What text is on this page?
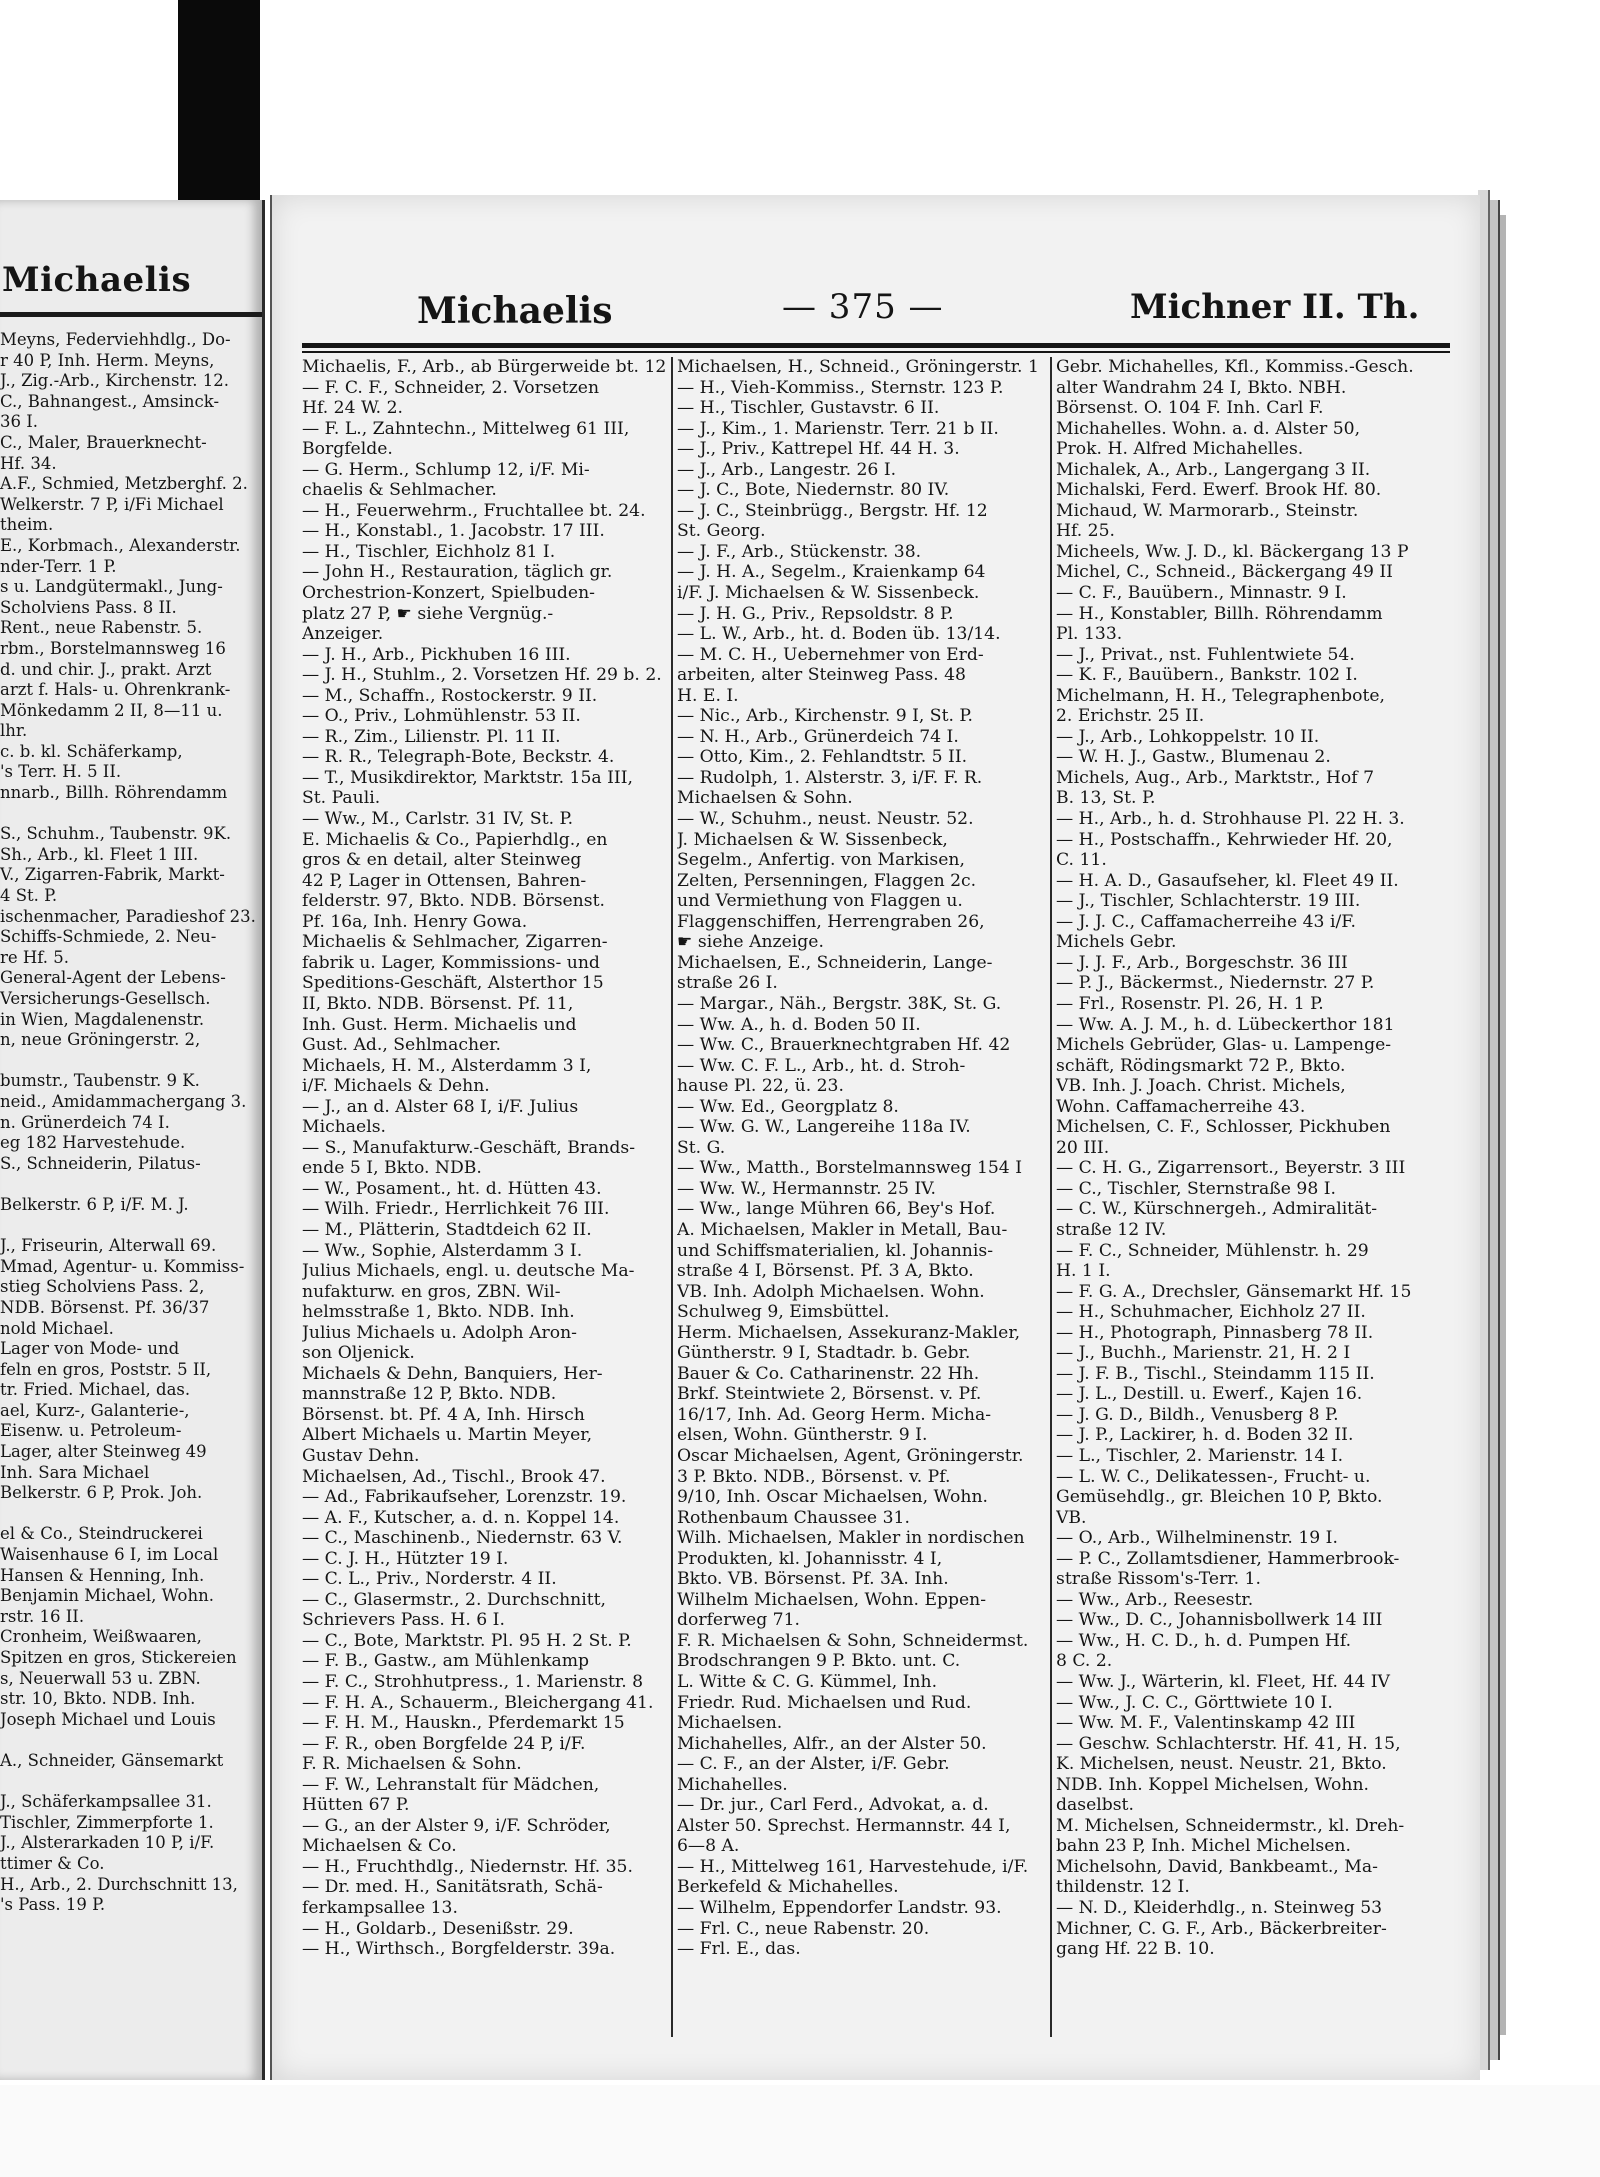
Michaelis
Meyns, Federviehhdlg., Do-
r 40 P, Inh. Herm. Meyns,
J., Zig.-Arb., Kirchenstr. 12.
C., Bahnangest., Amsinck-
36 I.
C., Maler, Brauerknecht-
Hf. 34.
A.F., Schmied, Metzberghf. 2.
Welkerstr. 7 P, i/Fi Michael
theim.
E., Korbmach., Alexanderstr.
nder-Terr. 1 P.
s u. Landgütermakl., Jung-
Scholviens Pass. 8 II.
Rent., neue Rabenstr. 5.
rbm., Borstelmannsweg 16
d. und chir. J., prakt. Arzt
arzt f. Hals- u. Ohrenkrank-
Mönkedamm 2 II, 8—11 u.
lhr.
c. b. kl. Schäferkamp,
's Terr. H. 5 II.
nnarb., Billh. Röhrendamm
S., Schuhm., Taubenstr. 9K.
Sh., Arb., kl. Fleet 1 III.
V., Zigarren-Fabrik, Markt-
4 St. P.
ischenmacher, Paradieshof 23.
Schiffs-Schmiede, 2. Neu-
re Hf. 5.
General-Agent der Lebens-
Versicherungs-Gesellsch.
in Wien, Magdalenenstr.
n, neue Gröningerstr. 2,
bumstr., Taubenstr. 9 K.
neid., Amidammachergang 3.
n. Grünerdeich 74 I.
eg 182 Harvestehude.
S., Schneiderin, Pilatus-
Belkerstr. 6 P, i/F. M. J.
J., Friseurin, Alterwall 69.
Mmad, Agentur- u. Kommiss-
stieg Scholviens Pass. 2,
NDB. Börsenst. Pf. 36/37
nold Michael.
Lager von Mode- und
feln en gros, Poststr. 5 II,
tr. Fried. Michael, das.
ael, Kurz-, Galanterie-,
Eisenw. u. Petroleum-
Lager, alter Steinweg 49
Inh. Sara Michael
Belkerstr. 6 P, Prok. Joh.
el & Co., Steindruckerei
Waisenhause 6 I, im Local
Hansen & Henning, Inh.
Benjamin Michael, Wohn.
rstr. 16 II.
Cronheim, Weißwaaren,
Spitzen en gros, Stickereien
s, Neuerwall 53 u. ZBN.
str. 10, Bkto. NDB. Inh.
Joseph Michael und Louis
A., Schneider, Gänsemarkt
J., Schäferkampsallee 31.
Tischler, Zimmerpforte 1.
J., Alsterarkaden 10 P, i/F.
ttimer & Co.
H., Arb., 2. Durchschnitt 13,
's Pass. 19 P.
Michaelis	— 375 —	Michner II. Th.
Michaelis, F., Arb., ab Bürgerweide bt. 12
— F. C. F., Schneider, 2. Vorsetzen
Hf. 24 W. 2.
— F. L., Zahntechn., Mittelweg 61 III,
Borgfelde.
— G. Herm., Schlump 12, i/F. Mi-
chaelis & Sehlmacher.
— H., Feuerwehrm., Fruchtallee bt. 24.
— H., Konstabl., 1. Jacobstr. 17 III.
— H., Tischler, Eichholz 81 I.
— John H., Restauration, täglich gr.
Orchestrion-Konzert, Spielbuden-
platz 27 P, ☛ siehe Vergnüg.-
Anzeiger.
— J. H., Arb., Pickhuben 16 III.
— J. H., Stuhlm., 2. Vorsetzen Hf. 29 b. 2.
— M., Schaffn., Rostockerstr. 9 II.
— O., Priv., Lohmühlenstr. 53 II.
— R., Zim., Lilienstr. Pl. 11 II.
— R. R., Telegraph-Bote, Beckstr. 4.
— T., Musikdirektor, Marktstr. 15a III,
St. Pauli.
— Ww., M., Carlstr. 31 IV, St. P.
E. Michaelis & Co., Papierhdlg., en
gros & en detail, alter Steinweg
42 P, Lager in Ottensen, Bahren-
felderstr. 97, Bkto. NDB. Börsenst.
Pf. 16a, Inh. Henry Gowa.
Michaelis & Sehlmacher, Zigarren-
fabrik u. Lager, Kommissions- und
Speditions-Geschäft, Alsterthor 15
II, Bkto. NDB. Börsenst. Pf. 11,
Inh. Gust. Herm. Michaelis und
Gust. Ad., Sehlmacher.
Michaels, H. M., Alsterdamm 3 I,
i/F. Michaels & Dehn.
— J., an d. Alster 68 I, i/F. Julius
Michaels.
— S., Manufakturw.-Geschäft, Brands-
ende 5 I, Bkto. NDB.
— W., Posament., ht. d. Hütten 43.
— Wilh. Friedr., Herrlichkeit 76 III.
— M., Plätterin, Stadtdeich 62 II.
— Ww., Sophie, Alsterdamm 3 I.
Julius Michaels, engl. u. deutsche Ma-
nufakturw. en gros, ZBN. Wil-
helmsstraße 1, Bkto. NDB. Inh.
Julius Michaels u. Adolph Aron-
son Oljenick.
Michaels & Dehn, Banquiers, Her-
mannstraße 12 P, Bkto. NDB.
Börsenst. bt. Pf. 4 A, Inh. Hirsch
Albert Michaels u. Martin Meyer,
Gustav Dehn.
Michaelsen, Ad., Tischl., Brook 47.
— Ad., Fabrikaufseher, Lorenzstr. 19.
— A. F., Kutscher, a. d. n. Koppel 14.
— C., Maschinenb., Niedernstr. 63 V.
— C. J. H., Hützter 19 I.
— C. L., Priv., Norderstr. 4 II.
— C., Glasermstr., 2. Durchschnitt,
Schrievers Pass. H. 6 I.
— C., Bote, Marktstr. Pl. 95 H. 2 St. P.
— F. B., Gastw., am Mühlenkamp
— F. C., Strohhutpress., 1. Marienstr. 8
— F. H. A., Schauerm., Bleichergang 41.
— F. H. M., Hauskn., Pferdemarkt 15
— F. R., oben Borgfelde 24 P, i/F.
F. R. Michaelsen & Sohn.
— F. W., Lehranstalt für Mädchen,
Hütten 67 P.
— G., an der Alster 9, i/F. Schröder,
Michaelsen & Co.
— H., Fruchthdlg., Niedernstr. Hf. 35.
— Dr. med. H., Sanitätsrath, Schä-
ferkampsallee 13.
— H., Goldarb., Desenißstr. 29.
— H., Wirthsch., Borgfelderstr. 39a.
Michaelsen, H., Schneid., Gröningerstr. 1
— H., Vieh-Kommiss., Sternstr. 123 P.
— H., Tischler, Gustavstr. 6 II.
— J., Kim., 1. Marienstr. Terr. 21 b II.
— J., Priv., Kattrepel Hf. 44 H. 3.
— J., Arb., Langestr. 26 I.
— J. C., Bote, Niedernstr. 80 IV.
— J. C., Steinbrügg., Bergstr. Hf. 12
St. Georg.
— J. F., Arb., Stückenstr. 38.
— J. H. A., Segelm., Kraienkamp 64
i/F. J. Michaelsen & W. Sissenbeck.
— J. H. G., Priv., Repsoldstr. 8 P.
— L. W., Arb., ht. d. Boden üb. 13/14.
— M. C. H., Uebernehmer von Erd-
arbeiten, alter Steinweg Pass. 48
H. E. I.
— Nic., Arb., Kirchenstr. 9 I, St. P.
— N. H., Arb., Grünerdeich 74 I.
— Otto, Kim., 2. Fehlandtstr. 5 II.
— Rudolph, 1. Alsterstr. 3, i/F. F. R.
Michaelsen & Sohn.
— W., Schuhm., neust. Neustr. 52.
J. Michaelsen & W. Sissenbeck,
Segelm., Anfertig. von Markisen,
Zelten, Persenningen, Flaggen 2c.
und Vermiethung von Flaggen u.
Flaggenschiffen, Herrengraben 26,
☛ siehe Anzeige.
Michaelsen, E., Schneiderin, Lange-
straße 26 I.
— Margar., Näh., Bergstr. 38K, St. G.
— Ww. A., h. d. Boden 50 II.
— Ww. C., Brauerknechtgraben Hf. 42
— Ww. C. F. L., Arb., ht. d. Stroh-
hause Pl. 22, ü. 23.
— Ww. Ed., Georgplatz 8.
— Ww. G. W., Langereihe 118a IV.
St. G.
— Ww., Matth., Borstelmannsweg 154 I
— Ww. W., Hermannstr. 25 IV.
— Ww., lange Mühren 66, Bey's Hof.
A. Michaelsen, Makler in Metall, Bau-
und Schiffsmaterialien, kl. Johannis-
straße 4 I, Börsenst. Pf. 3 A, Bkto.
VB. Inh. Adolph Michaelsen. Wohn.
Schulweg 9, Eimsbüttel.
Herm. Michaelsen, Assekuranz-Makler,
Güntherstr. 9 I, Stadtadr. b. Gebr.
Bauer & Co. Catharinenstr. 22 Hh.
Brkf. Steintwiete 2, Börsenst. v. Pf.
16/17, Inh. Ad. Georg Herm. Micha-
elsen, Wohn. Güntherstr. 9 I.
Oscar Michaelsen, Agent, Gröningerstr.
3 P. Bkto. NDB., Börsenst. v. Pf.
9/10, Inh. Oscar Michaelsen, Wohn.
Rothenbaum Chaussee 31.
Wilh. Michaelsen, Makler in nordischen
Produkten, kl. Johannisstr. 4 I,
Bkto. VB. Börsenst. Pf. 3A. Inh.
Wilhelm Michaelsen, Wohn. Eppen-
dorferweg 71.
F. R. Michaelsen & Sohn, Schneidermst.
Brodschrangen 9 P. Bkto. unt. C.
L. Witte & C. G. Kümmel, Inh.
Friedr. Rud. Michaelsen und Rud.
Michaelsen.
Michahelles, Alfr., an der Alster 50.
— C. F., an der Alster, i/F. Gebr.
Michahelles.
— Dr. jur., Carl Ferd., Advokat, a. d.
Alster 50. Sprechst. Hermannstr. 44 I,
6—8 A.
— H., Mittelweg 161, Harvestehude, i/F.
Berkefeld & Michahelles.
— Wilhelm, Eppendorfer Landstr. 93.
— Frl. C., neue Rabenstr. 20.
— Frl. E., das.
Gebr. Michahelles, Kfl., Kommiss.-Gesch.
alter Wandrahm 24 I, Bkto. NBH.
Börsenst. O. 104 F. Inh. Carl F.
Michahelles. Wohn. a. d. Alster 50,
Prok. H. Alfred Michahelles.
Michalek, A., Arb., Langergang 3 II.
Michalski, Ferd. Ewerf. Brook Hf. 80.
Michaud, W. Marmorarb., Steinstr.
Hf. 25.
Micheels, Ww. J. D., kl. Bäckergang 13 P
Michel, C., Schneid., Bäckergang 49 II
— C. F., Bauübern., Minnastr. 9 I.
— H., Konstabler, Billh. Röhrendamm
Pl. 133.
— J., Privat., nst. Fuhlentwiete 54.
— K. F., Bauübern., Bankstr. 102 I.
Michelmann, H. H., Telegraphenbote,
2. Erichstr. 25 II.
— J., Arb., Lohkoppelstr. 10 II.
— W. H. J., Gastw., Blumenau 2.
Michels, Aug., Arb., Marktstr., Hof 7
B. 13, St. P.
— H., Arb., h. d. Strohhause Pl. 22 H. 3.
— H., Postschaffn., Kehrwieder Hf. 20,
C. 11.
— H. A. D., Gasaufseher, kl. Fleet 49 II.
— J., Tischler, Schlachterstr. 19 III.
— J. J. C., Caffamacherreihe 43 i/F.
Michels Gebr.
— J. J. F., Arb., Borgeschstr. 36 III
— P. J., Bäckermst., Niedernstr. 27 P.
— Frl., Rosenstr. Pl. 26, H. 1 P.
— Ww. A. J. M., h. d. Lübeckerthor 181
Michels Gebrüder, Glas- u. Lampenge-
schäft, Rödingsmarkt 72 P., Bkto.
VB. Inh. J. Joach. Christ. Michels,
Wohn. Caffamacherreihe 43.
Michelsen, C. F., Schlosser, Pickhuben
20 III.
— C. H. G., Zigarrensort., Beyerstr. 3 III
— C., Tischler, Sternstraße 98 I.
— C. W., Kürschnergeh., Admiralität-
straße 12 IV.
— F. C., Schneider, Mühlenstr. h. 29
H. 1 I.
— F. G. A., Drechsler, Gänsemarkt Hf. 15
— H., Schuhmacher, Eichholz 27 II.
— H., Photograph, Pinnasberg 78 II.
— J., Buchh., Marienstr. 21, H. 2 I
— J. F. B., Tischl., Steindamm 115 II.
— J. L., Destill. u. Ewerf., Kajen 16.
— J. G. D., Bildh., Venusberg 8 P.
— J. P., Lackirer, h. d. Boden 32 II.
— L., Tischler, 2. Marienstr. 14 I.
— L. W. C., Delikatessen-, Frucht- u.
Gemüsehdlg., gr. Bleichen 10 P, Bkto.
VB.
— O., Arb., Wilhelminenstr. 19 I.
— P. C., Zollamtsdiener, Hammerbrook-
straße Rissom's-Terr. 1.
— Ww., Arb., Reesestr.
— Ww., D. C., Johannisbollwerk 14 III
— Ww., H. C. D., h. d. Pumpen Hf.
8 C. 2.
— Ww. J., Wärterin, kl. Fleet, Hf. 44 IV
— Ww., J. C. C., Görttwiete 10 I.
— Ww. M. F., Valentinskamp 42 III
— Geschw. Schlachterstr. Hf. 41, H. 15,
K. Michelsen, neust. Neustr. 21, Bkto.
NDB. Inh. Koppel Michelsen, Wohn.
daselbst.
M. Michelsen, Schneidermstr., kl. Dreh-
bahn 23 P, Inh. Michel Michelsen.
Michelsohn, David, Bankbeamt., Ma-
thildenstr. 12 I.
— N. D., Kleiderhdlg., n. Steinweg 53
Michner, C. G. F., Arb., Bäckerbreiter-
gang Hf. 22 B. 10.
